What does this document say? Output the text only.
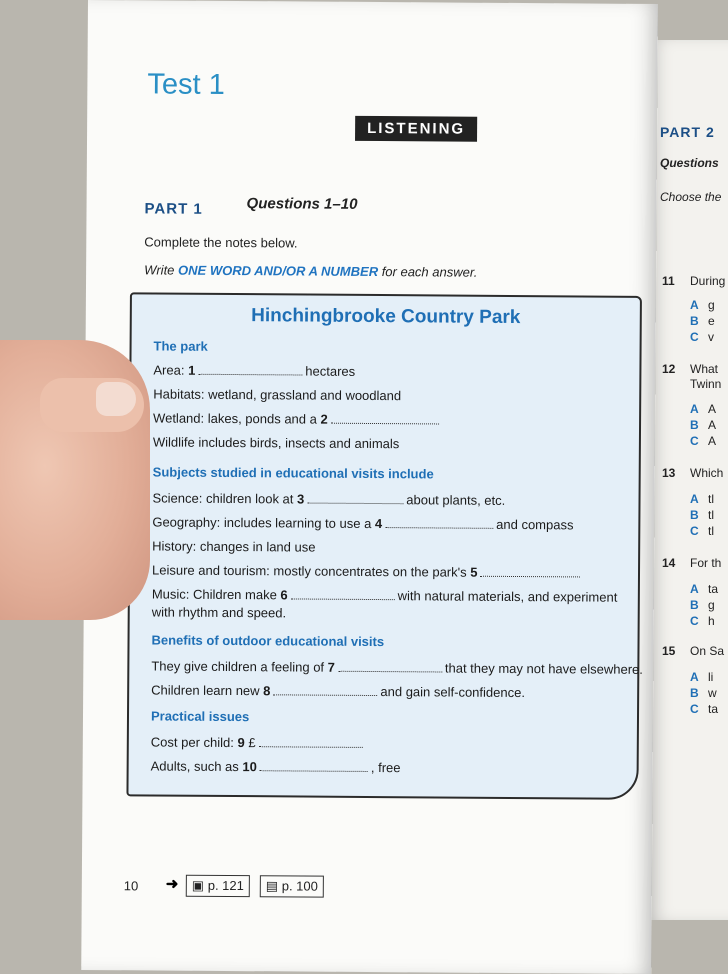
PART 2
Questions
Choose the
11 During
A g
B e
C v
12 What
Twinn
A A
B A
C A
13 Which
A tl
B tl
C tl
14 For th
A ta
B g
C h
15 On Sa
A li
B w
C ta
Test 1
LISTENING
PART 1	Questions 1–10
Complete the notes below.
Write ONE WORD AND/OR A NUMBER for each answer.
Hinchingbrooke Country Park
The park
Area: 1	hectares
Habitats: wetland, grassland and woodland
Wetland: lakes, ponds and a 2
Wildlife includes birds, insects and animals
Subjects studied in educational visits include
Science: children look at 3	about plants, etc.
Geography: includes learning to use a 4	and compass
History: changes in land use
Leisure and tourism: mostly concentrates on the park's 5
Music: Children make 6	with natural materials, and experiment
with rhythm and speed.
Benefits of outdoor educational visits
They give children a feeling of 7	that they may not have elsewhere.
Children learn new 8	and gain self-confidence.
Practical issues
Cost per child: 9 £
Adults, such as 10	, free
10 ➜	▣ p. 121	▤ p. 100
